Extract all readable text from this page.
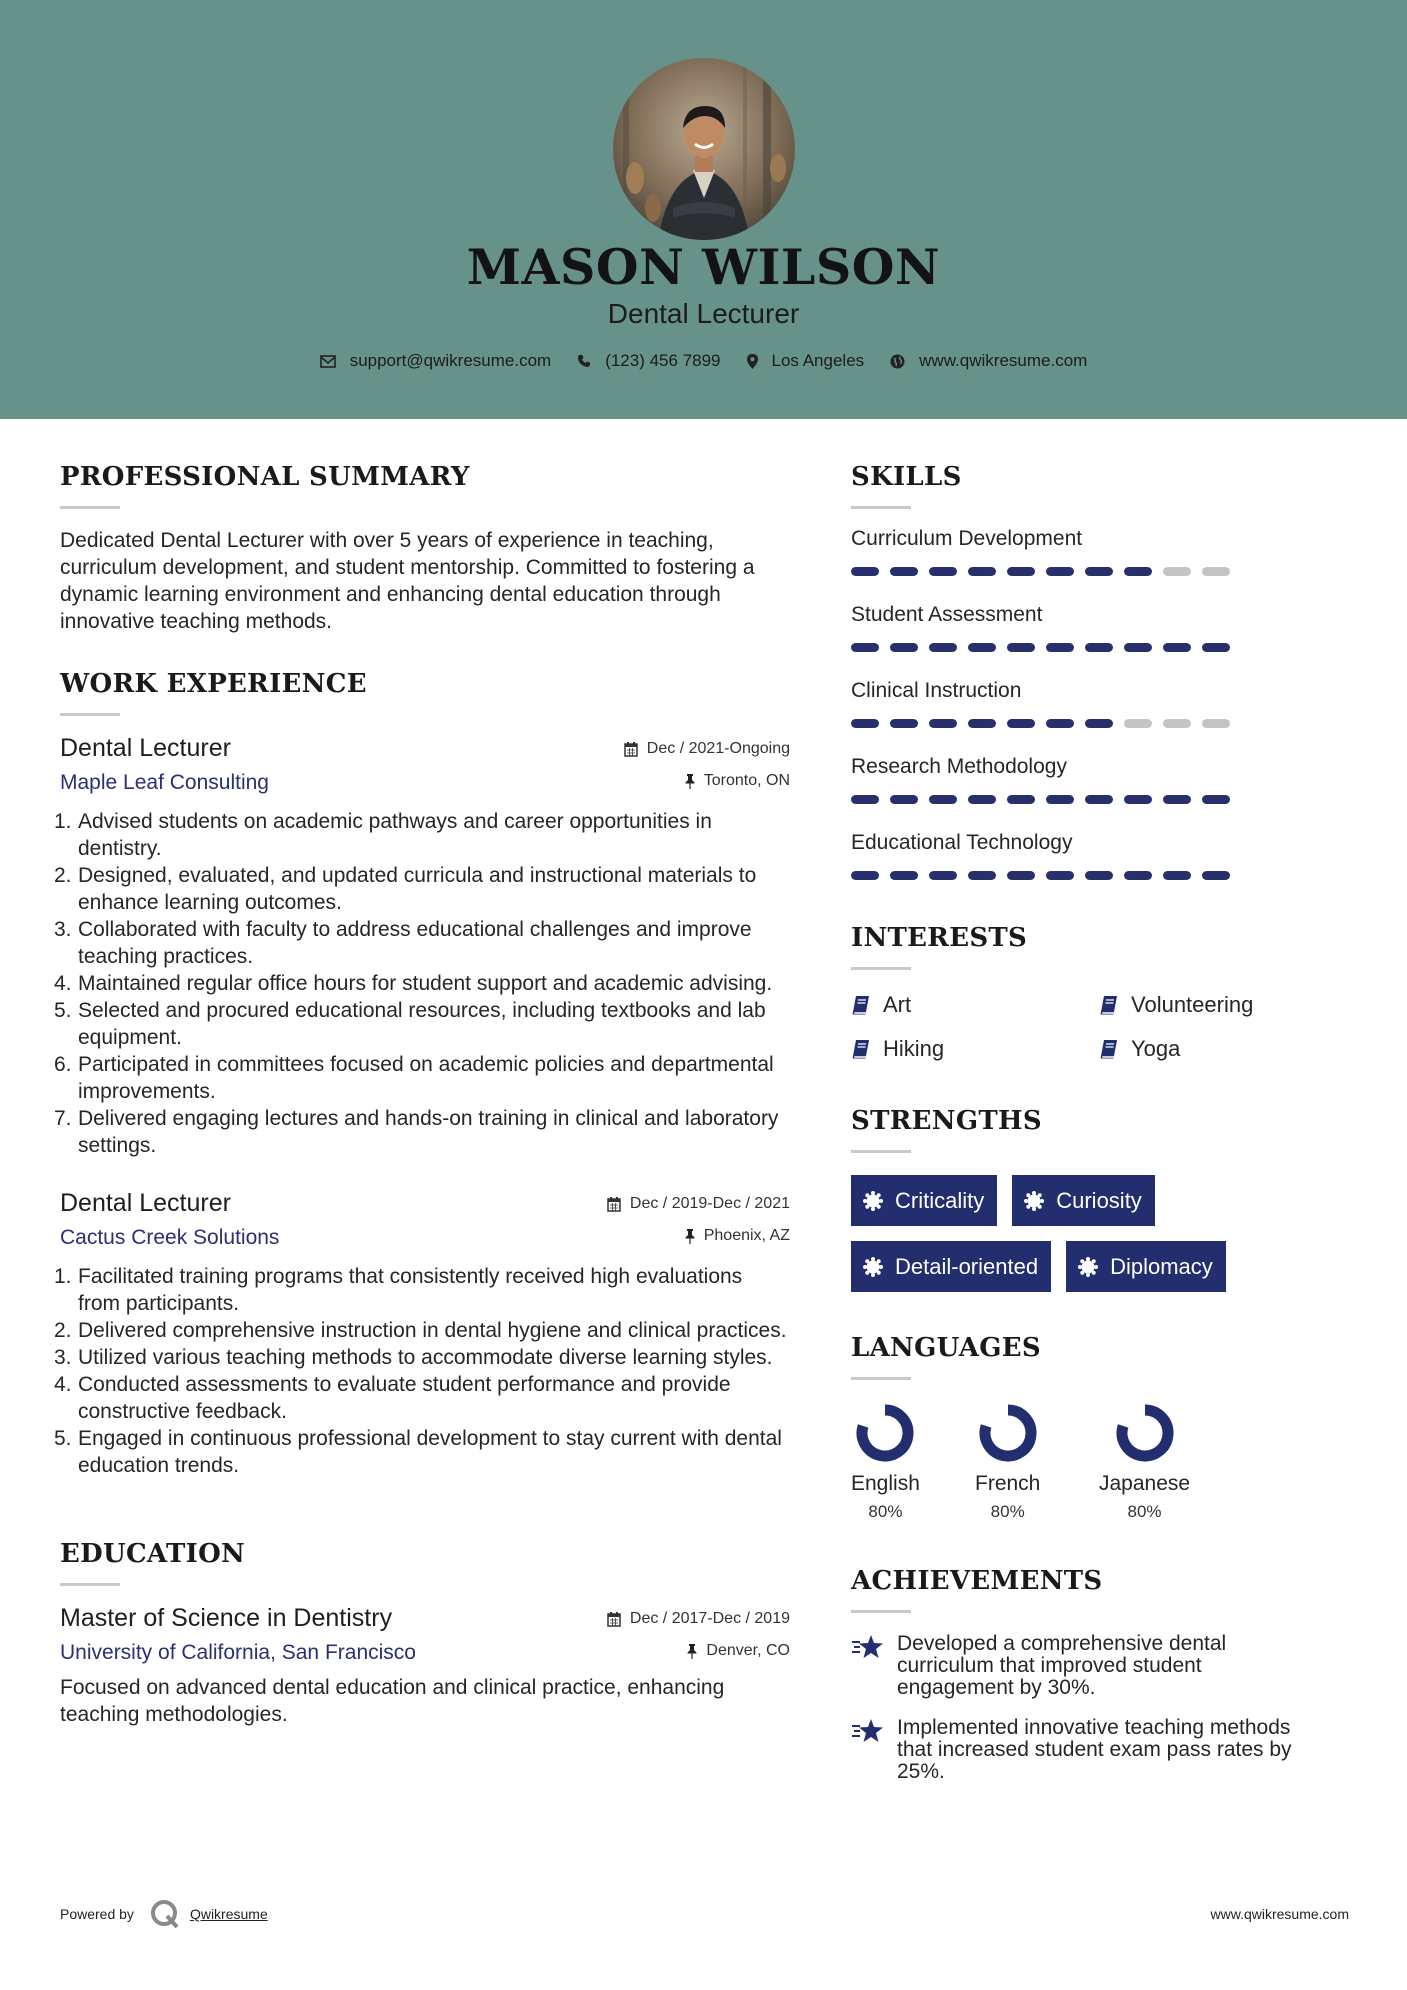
MASON WILSON
Dental Lecturer
support@qwikresume.com	(123) 456 7899	Los Angeles	www.qwikresume.com
PROFESSIONAL SUMMARY
Dedicated Dental Lecturer with over 5 years of experience in teaching, curriculum development, and student mentorship. Committed to fostering a dynamic learning environment and enhancing dental education through innovative teaching methods.
WORK EXPERIENCE
Dental Lecturer
Maple Leaf Consulting
Dec / 2021-Ongoing
Toronto, ON
1. Advised students on academic pathways and career opportunities in dentistry.
2. Designed, evaluated, and updated curricula and instructional materials to enhance learning outcomes.
3. Collaborated with faculty to address educational challenges and improve teaching practices.
4. Maintained regular office hours for student support and academic advising.
5. Selected and procured educational resources, including textbooks and lab equipment.
6. Participated in committees focused on academic policies and departmental improvements.
7. Delivered engaging lectures and hands-on training in clinical and laboratory settings.
Dental Lecturer
Cactus Creek Solutions
Dec / 2019-Dec / 2021
Phoenix, AZ
1. Facilitated training programs that consistently received high evaluations from participants.
2. Delivered comprehensive instruction in dental hygiene and clinical practices.
3. Utilized various teaching methods to accommodate diverse learning styles.
4. Conducted assessments to evaluate student performance and provide constructive feedback.
5. Engaged in continuous professional development to stay current with dental education trends.
EDUCATION
Master of Science in Dentistry
University of California, San Francisco
Dec / 2017-Dec / 2019
Denver, CO
Focused on advanced dental education and clinical practice, enhancing teaching methodologies.
SKILLS
Curriculum Development
Student Assessment
Clinical Instruction
Research Methodology
Educational Technology
INTERESTS
Art	Volunteering
Hiking	Yoga
STRENGTHS
Criticality	Curiosity
Detail-oriented	Diplomacy
LANGUAGES
English
80%
French
80%
Japanese
80%
ACHIEVEMENTS
Developed a comprehensive dental curriculum that improved student engagement by 30%.
Implemented innovative teaching methods that increased student exam pass rates by 25%.
Powered by	Qwikresume	www.qwikresume.com
